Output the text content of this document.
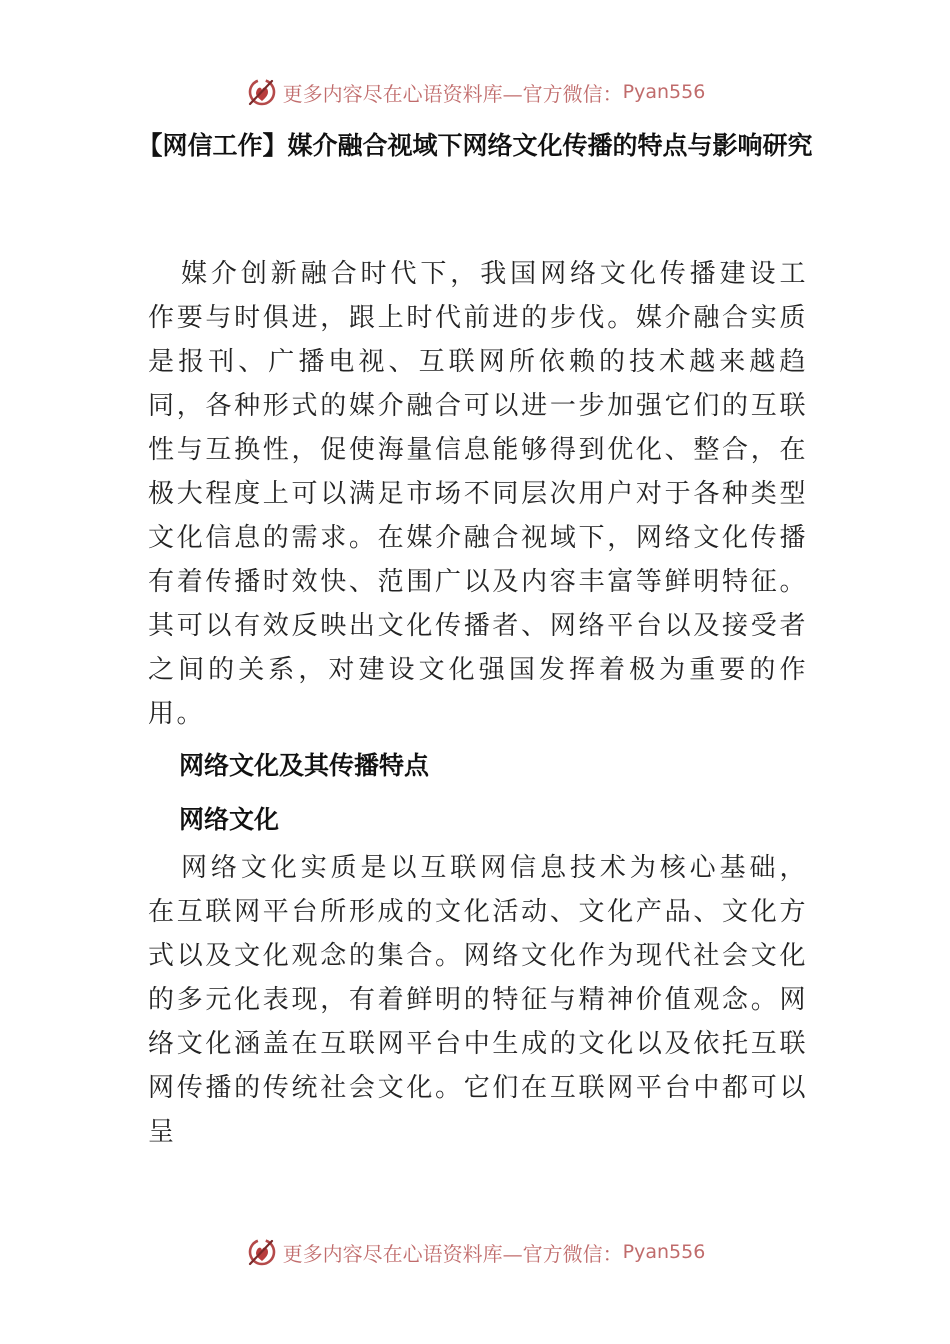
更多内容尽在心语资料库—官方微信： Pyan556
【网信工作】媒介融合视域下网络文化传播的特点与影响研究

媒介创新融合时代下，我国网络文化传播建设工作要与时俱进，跟上时代前进的步伐。媒介融合实质是报刊、广播电视、互联网所依赖的技术越来越趋同，各种形式的媒介融合可以进一步加强它们的互联性与互换性，促使海量信息能够得到优化、整合，在极大程度上可以满足市场不同层次用户对于各种类型文化信息的需求。在媒介融合视域下，网络文化传播有着传播时效快、范围广以及内容丰富等鲜明特征。其可以有效反映出文化传播者、网络平台以及接受者之间的关系，对建设文化强国发挥着极为重要的作用。

网络文化及其传播特点
网络文化

网络文化实质是以互联网信息技术为核心基础，在互联网平台所形成的文化活动、文化产品、文化方式以及文化观念的集合。网络文化作为现代社会文化的多元化表现，有着鲜明的特征与精神价值观念。网络文化涵盖在互联网平台中生成的文化以及依托互联网传播的传统社会文化。它们在互联网平台中都可以呈

更多内容尽在心语资料库—官方微信： Pyan556
